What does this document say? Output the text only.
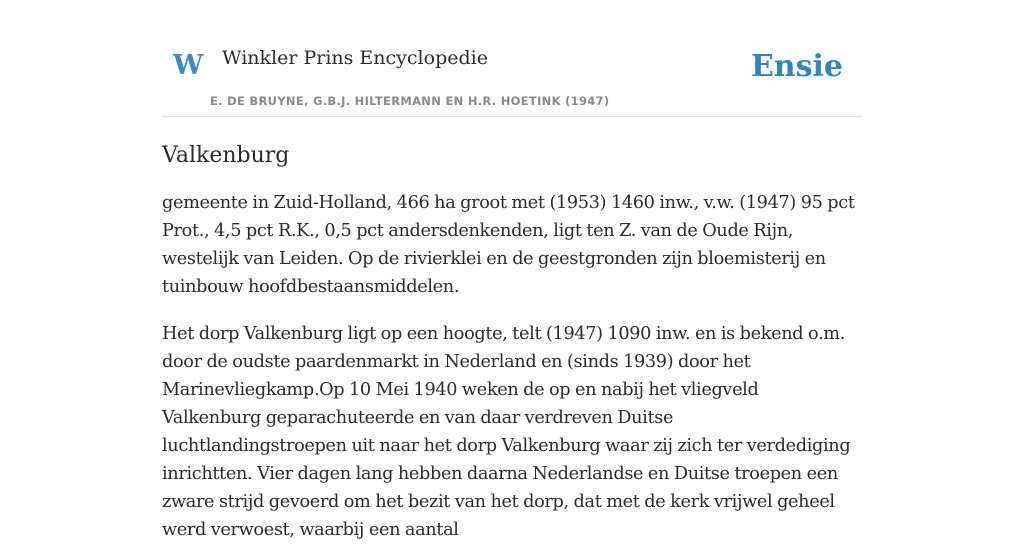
W Winkler Prins Encyclopedie
E. DE BRUYNE, G.B.J. HILTERMANN EN H.R. HOETINK (1947)
Ensie
Valkenburg

gemeente in Zuid-Holland, 466 ha groot met (1953) 1460 inw., v.w. (1947) 95 pct Prot., 4,5 pct R.K., 0,5 pct andersdenkenden, ligt ten Z. van de Oude Rijn, westelijk van Leiden. Op de rivierklei en de geestgronden zijn bloemisterij en tuinbouw hoofdbestaansmiddelen.

Het dorp Valkenburg ligt op een hoogte, telt (1947) 1090 inw. en is bekend o.m. door de oudste paardenmarkt in Nederland en (sinds 1939) door het Marinevliegkamp.Op 10 Mei 1940 weken de op en nabij het vliegveld Valkenburg geparachuteerde en van daar verdreven Duitse luchtlandingstroepen uit naar het dorp Valkenburg waar zij zich ter verdediging inrichtten. Vier dagen lang hebben daarna Nederlandse en Duitse troepen een zware strijd gevoerd om het bezit van het dorp, dat met de kerk vrijwel geheel werd verwoest, waarbij een aantal
